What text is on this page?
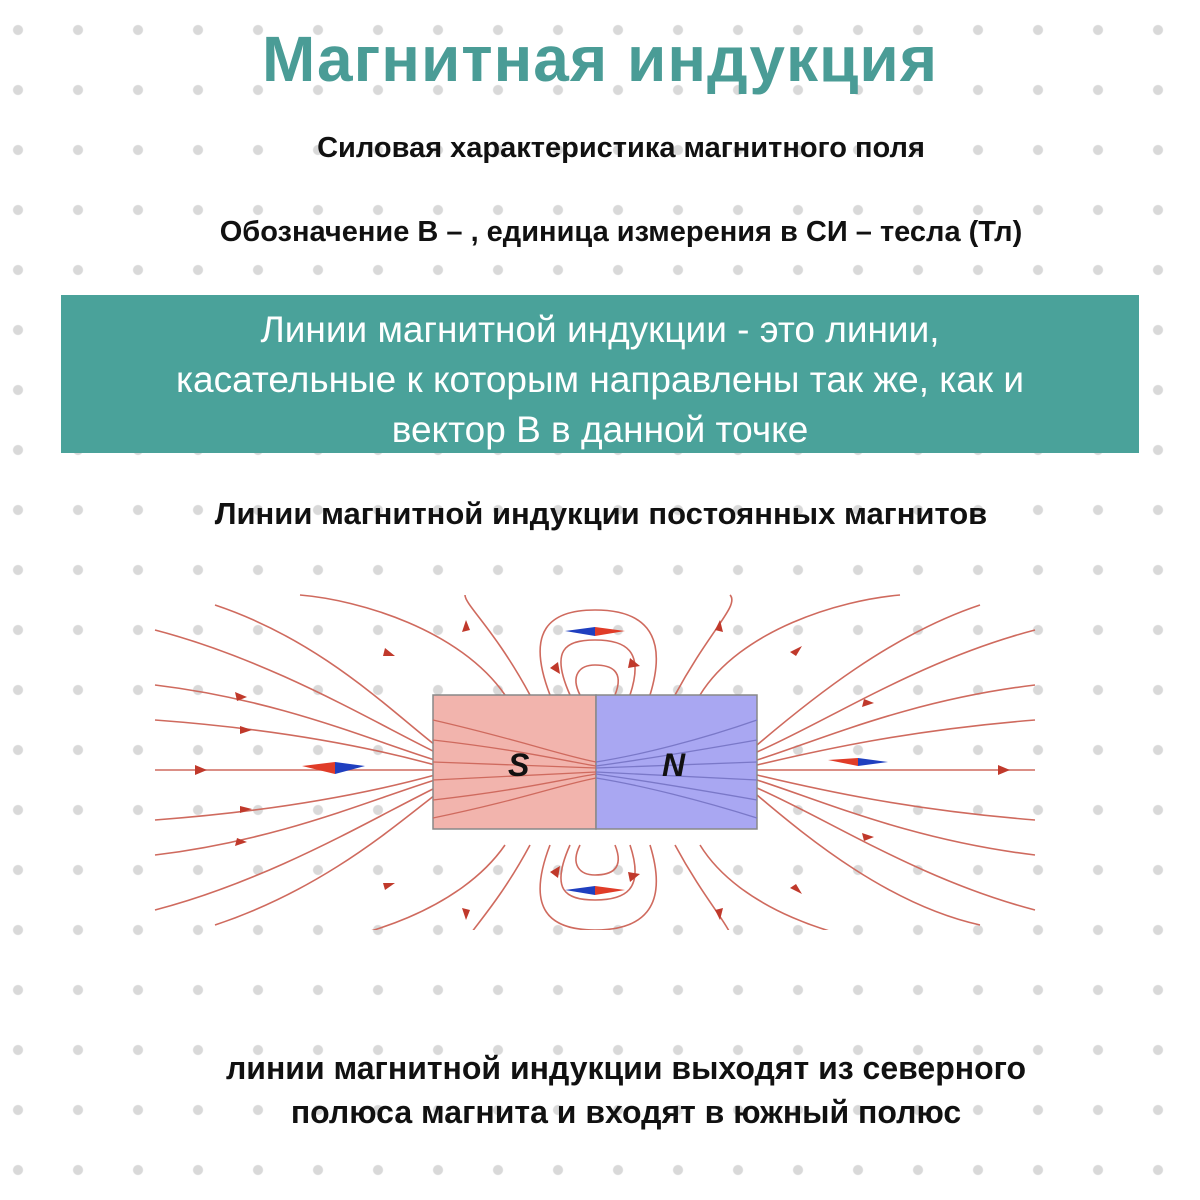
Магнитная индукция
Силовая характеристика магнитного поля
Обозначение В – , единица измерения в СИ – тесла (Тл)

Линии магнитной индукции - это линии,

касательные к которым направлены так же, как и

вектор В в данной точке

Линии магнитной индукции постоянных магнитов
S	N
линии магнитной индукции выходят из северного
полюса магнита и входят в южный полюс
